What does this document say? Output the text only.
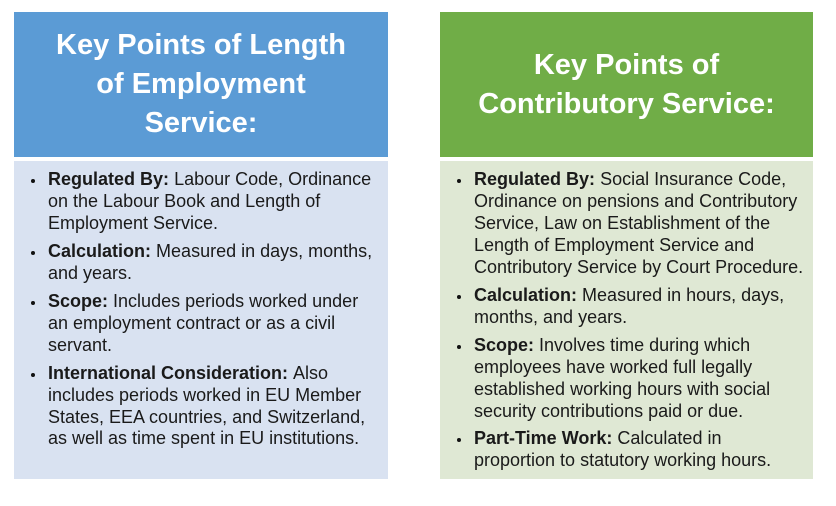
Key Points of Length
of Employment
Service:
• Regulated By: Labour Code, Ordinance on the Labour Book and Length of Employment Service.
• Calculation: Measured in days, months, and years.
• Scope: Includes periods worked under an employment contract or as a civil servant.
• International Consideration: Also includes periods worked in EU Member States, EEA countries, and Switzerland, as well as time spent in EU institutions.
Key Points of
Contributory Service:
• Regulated By: Social Insurance Code, Ordinance on pensions and Contributory Service, Law on Establishment of the Length of Employment Service and Contributory Service by Court Procedure.
• Calculation: Measured in hours, days, months, and years.
• Scope: Involves time during which employees have worked full legally established working hours with social security contributions paid or due.
• Part-Time Work: Calculated in proportion to statutory working hours.
